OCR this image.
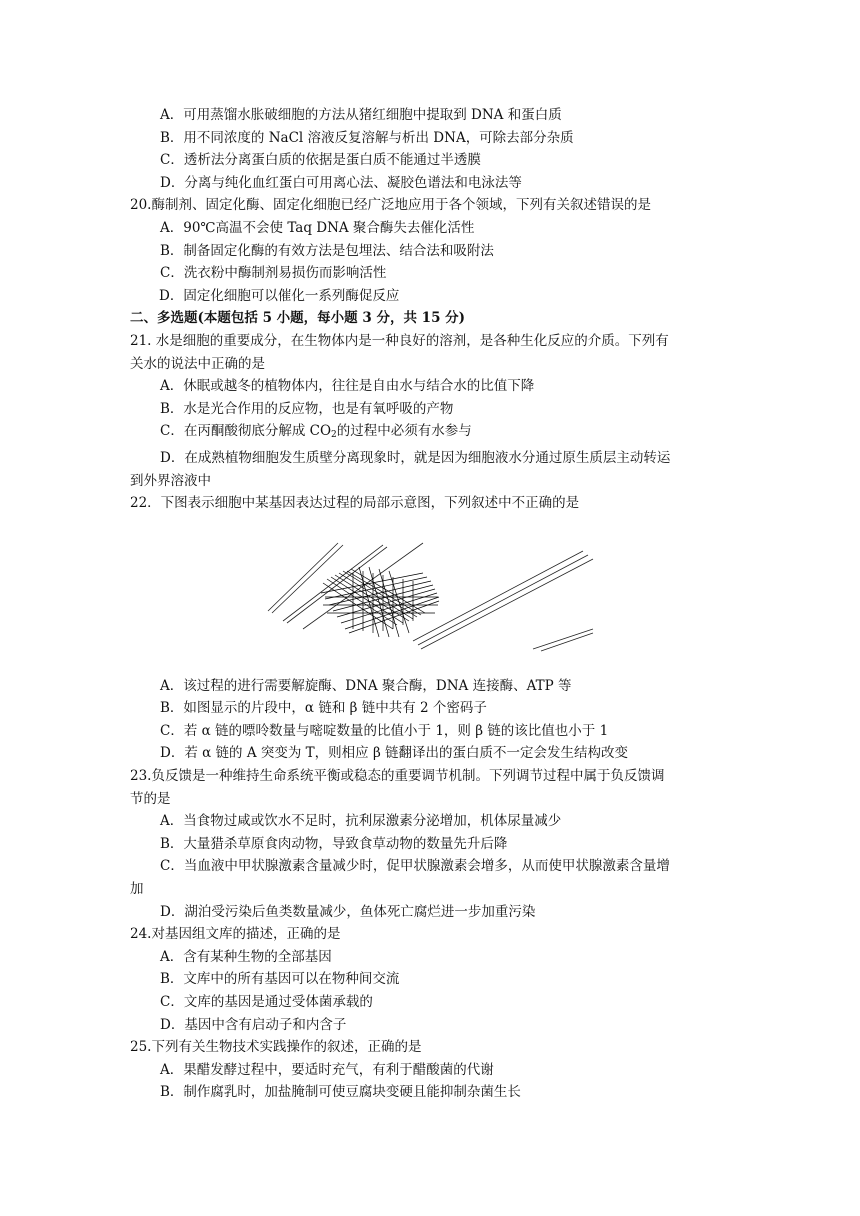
A．可用蒸馏水胀破细胞的方法从猪红细胞中提取到 DNA 和蛋白质
B．用不同浓度的 NaCl 溶液反复溶解与析出 DNA，可除去部分杂质
C．透析法分离蛋白质的依据是蛋白质不能通过半透膜
D．分离与纯化血红蛋白可用离心法、凝胶色谱法和电泳法等
20.酶制剂、固定化酶、固定化细胞已经广泛地应用于各个领域，下列有关叙述错误的是
A．90℃高温不会使 Taq DNA 聚合酶失去催化活性
B．制备固定化酶的有效方法是包埋法、结合法和吸附法
C．洗衣粉中酶制剂易损伤而影响活性
D．固定化细胞可以催化一系列酶促反应
二、多选题(本题包括 5 小题，每小题 3 分，共 15 分)
21. 水是细胞的重要成分，在生物体内是一种良好的溶剂，是各种生化反应的介质。下列有
关水的说法中正确的是
A．休眠或越冬的植物体内，往往是自由水与结合水的比值下降
B．水是光合作用的反应物，也是有氧呼吸的产物
C．在丙酮酸彻底分解成 $CO_2$的过程中必须有水参与
D．在成熟植物细胞发生质壁分离现象时，就是因为细胞液水分通过原生质层主动转运
到外界溶液中
22．下图表示细胞中某基因表达过程的局部示意图，下列叙述中不正确的是
A．该过程的进行需要解旋酶、DNA 聚合酶，DNA 连接酶、ATP 等
B．如图显示的片段中，α 链和 β 链中共有 2 个密码子
C．若 α 链的嘌呤数量与嘧啶数量的比值小于 1，则 β 链的该比值也小于 1
D．若 α 链的 A 突变为 T，则相应 β 链翻译出的蛋白质不一定会发生结构改变
23.负反馈是一种维持生命系统平衡或稳态的重要调节机制。下列调节过程中属于负反馈调
节的是
A．当食物过咸或饮水不足时，抗利尿激素分泌增加，机体尿量减少
B．大量猎杀草原食肉动物，导致食草动物的数量先升后降
C．当血液中甲状腺激素含量减少时，促甲状腺激素会增多，从而使甲状腺激素含量增
加
D．湖泊受污染后鱼类数量减少，鱼体死亡腐烂进一步加重污染
24.对基因组文库的描述，正确的是
A．含有某种生物的全部基因
B．文库中的所有基因可以在物种间交流
C．文库的基因是通过受体菌承载的
D．基因中含有启动子和内含子
25.下列有关生物技术实践操作的叙述，正确的是
A．果醋发酵过程中，要适时充气，有利于醋酸菌的代谢
B．制作腐乳时，加盐腌制可使豆腐块变硬且能抑制杂菌生长
